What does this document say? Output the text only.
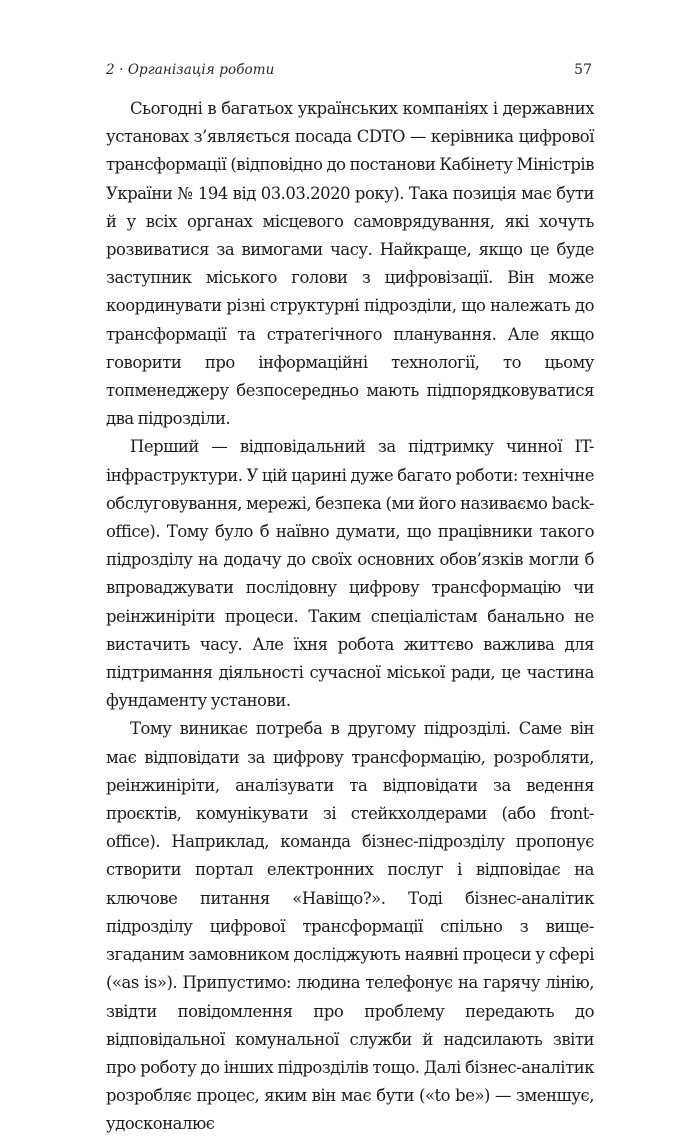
2 · Організація роботи	57

Сьогодні в багатьох українських компаніях і державних установах з’являється посада CDTO — керівника цифрової трансформації (відповідно до постанови Кабінету Міністрів України № 194 від 03.03.2020 року). Така позиція має бути й у всіх органах місцевого самоврядування, які хочуть розвиватися за вимогами часу. Найкраще, якщо це буде заступник міського голови з цифровізації. Він може координувати різні структурні підрозділи, що належать до трансформації та стратегічного планування. Але якщо говорити про інформаційні технології, то цьому топменеджеру безпосередньо мають підпорядковуватися два підрозділи.

Перший — відповідальний за підтримку чинної IT-інфраструктури. У цій царині дуже багато роботи: технічне обслуговування, мережі, безпека (ми його називаємо back-office). Тому було б наївно думати, що працівники такого підрозділу на додачу до своїх основних обов’язків могли б впроваджувати послідовну цифрову трансформацію чи реінжиніріти процеси. Таким спеціалістам банально не вистачить часу. Але їхня робота життєво важлива для підтримання діяльності сучасної міської ради, це частина фундаменту установи.

Тому виникає потреба в другому підрозділі. Саме він має відповідати за цифрову трансформацію, розробляти, реінжиніріти, аналізувати та відповідати за ведення проєктів, комунікувати зі стейкхолдерами (або front-office). Наприклад, команда бізнес-підрозділу пропонує створити портал електронних послуг і відповідає на ключове питання «Навіщо?». Тоді бізнес-аналітик підрозділу цифрової трансформації спільно з вище-згаданим замовником досліджують наявні процеси у сфері («as is»). Припустимо: людина телефонує на гарячу лінію, звідти повідомлення про проблему передають до відповідальної комунальної служби й надсилають звіти про роботу до інших підрозділів тощо. Далі бізнес-аналітик розробляє процес, яким він має бути («to be») — зменшує, удосконалює
